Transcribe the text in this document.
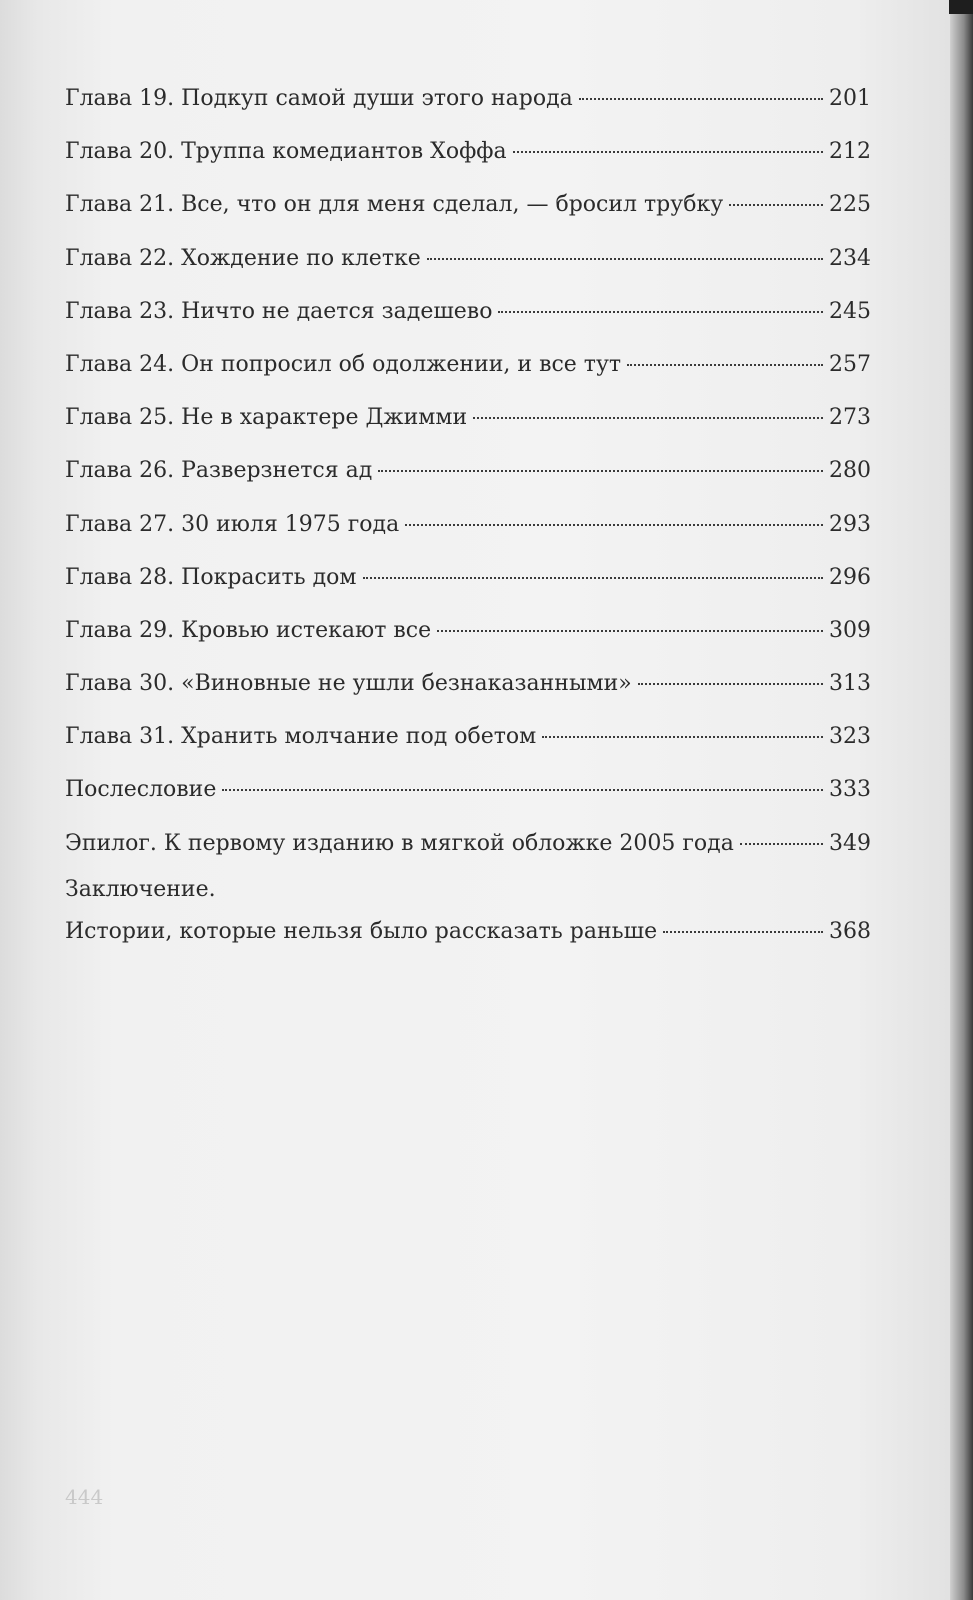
Глава 19. Подкуп самой души этого народа	201
Глава 20. Труппа комедиантов Хоффа	212
Глава 21. Все, что он для меня сделал, — бросил трубку	225
Глава 22. Хождение по клетке	234
Глава 23. Ничто не дается задешево	245
Глава 24. Он попросил об одолжении, и все тут	257
Глава 25. Не в характере Джимми	273
Глава 26. Разверзнется ад	280
Глава 27. 30 июля 1975 года	293
Глава 28. Покрасить дом	296
Глава 29. Кровью истекают все	309
Глава 30. «Виновные не ушли безнаказанными»	313
Глава 31. Хранить молчание под обетом	323
Послесловие	333
Эпилог. К первому изданию в мягкой обложке 2005 года	349
Заключение.
Истории, которые нельзя было рассказать раньше	368
444
